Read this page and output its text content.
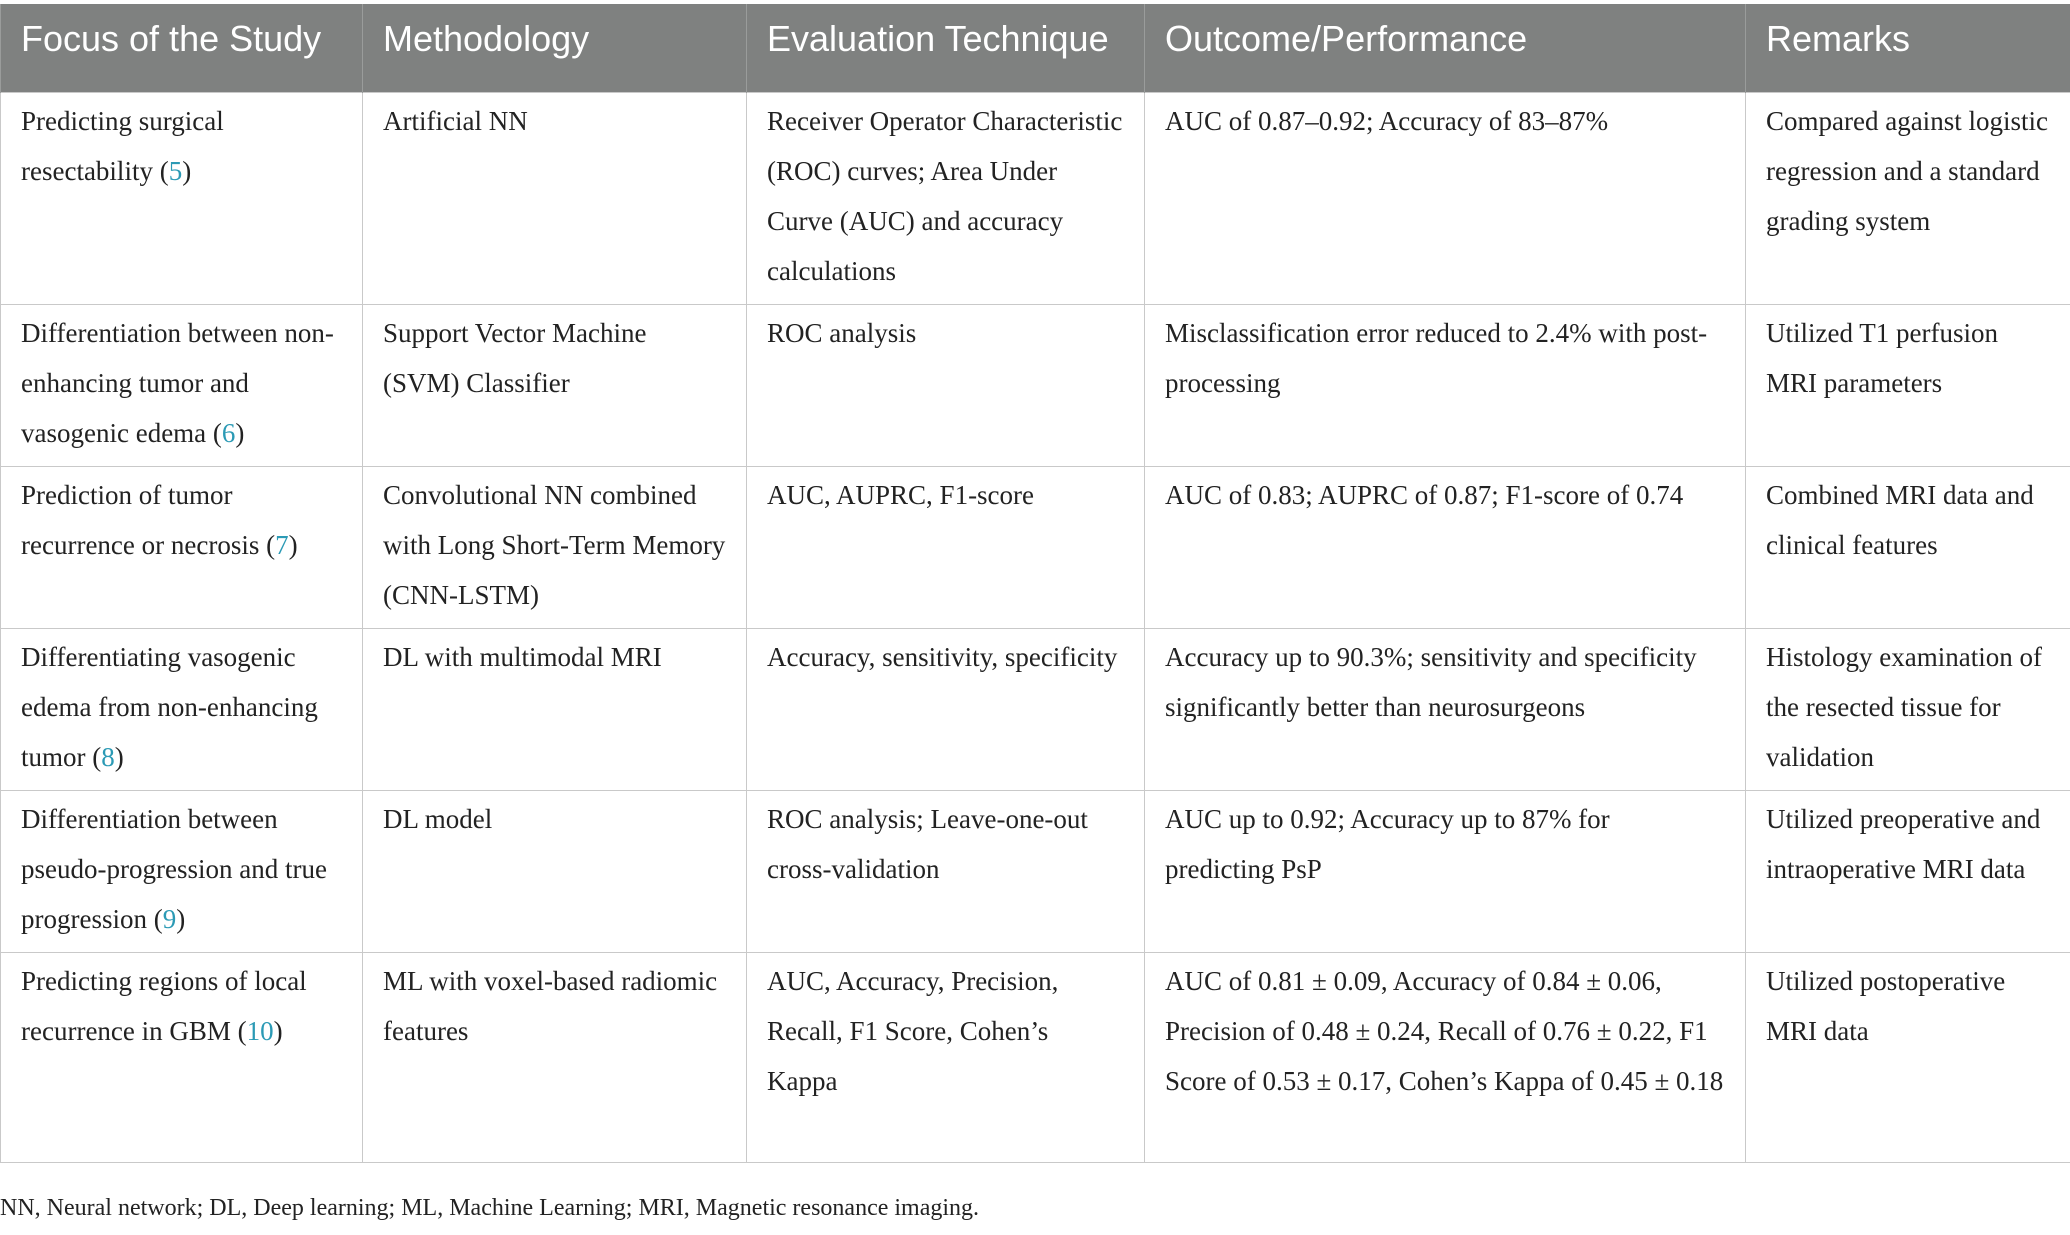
Focus of the Study	Methodology	Evaluation Technique	Outcome/Performance	Remarks
Predicting surgical resectability (5)	Artificial NN	Receiver Operator Characteristic (ROC) curves; Area Under Curve (AUC) and accuracy calculations	AUC of 0.87–0.92; Accuracy of 83–87%	Compared against logistic regression and a standard grading system
Differentiation between non-enhancing tumor and vasogenic edema (6)	Support Vector Machine (SVM) Classifier	ROC analysis	Misclassification error reduced to 2.4% with post-processing	Utilized T1 perfusion MRI parameters
Prediction of tumor recurrence or necrosis (7)	Convolutional NN combined with Long Short-Term Memory (CNN-LSTM)	AUC, AUPRC, F1-score	AUC of 0.83; AUPRC of 0.87; F1-score of 0.74	Combined MRI data and clinical features
Differentiating vasogenic edema from non-enhancing tumor (8)	DL with multimodal MRI	Accuracy, sensitivity, specificity	Accuracy up to 90.3%; sensitivity and specificity significantly better than neurosurgeons	Histology examination of the resected tissue for validation
Differentiation between pseudo-progression and true progression (9)	DL model	ROC analysis; Leave-one-out cross-validation	AUC up to 0.92; Accuracy up to 87% for predicting PsP	Utilized preoperative and intraoperative MRI data
Predicting regions of local recurrence in GBM (10)	ML with voxel-based radiomic features	AUC, Accuracy, Precision, Recall, F1 Score, Cohen’s Kappa	AUC of 0.81 ± 0.09, Accuracy of 0.84 ± 0.06, Precision of 0.48 ± 0.24, Recall of 0.76 ± 0.22, F1 Score of 0.53 ± 0.17, Cohen’s Kappa of 0.45 ± 0.18	Utilized postoperative MRI data
NN, Neural network; DL, Deep learning; ML, Machine Learning; MRI, Magnetic resonance imaging.
